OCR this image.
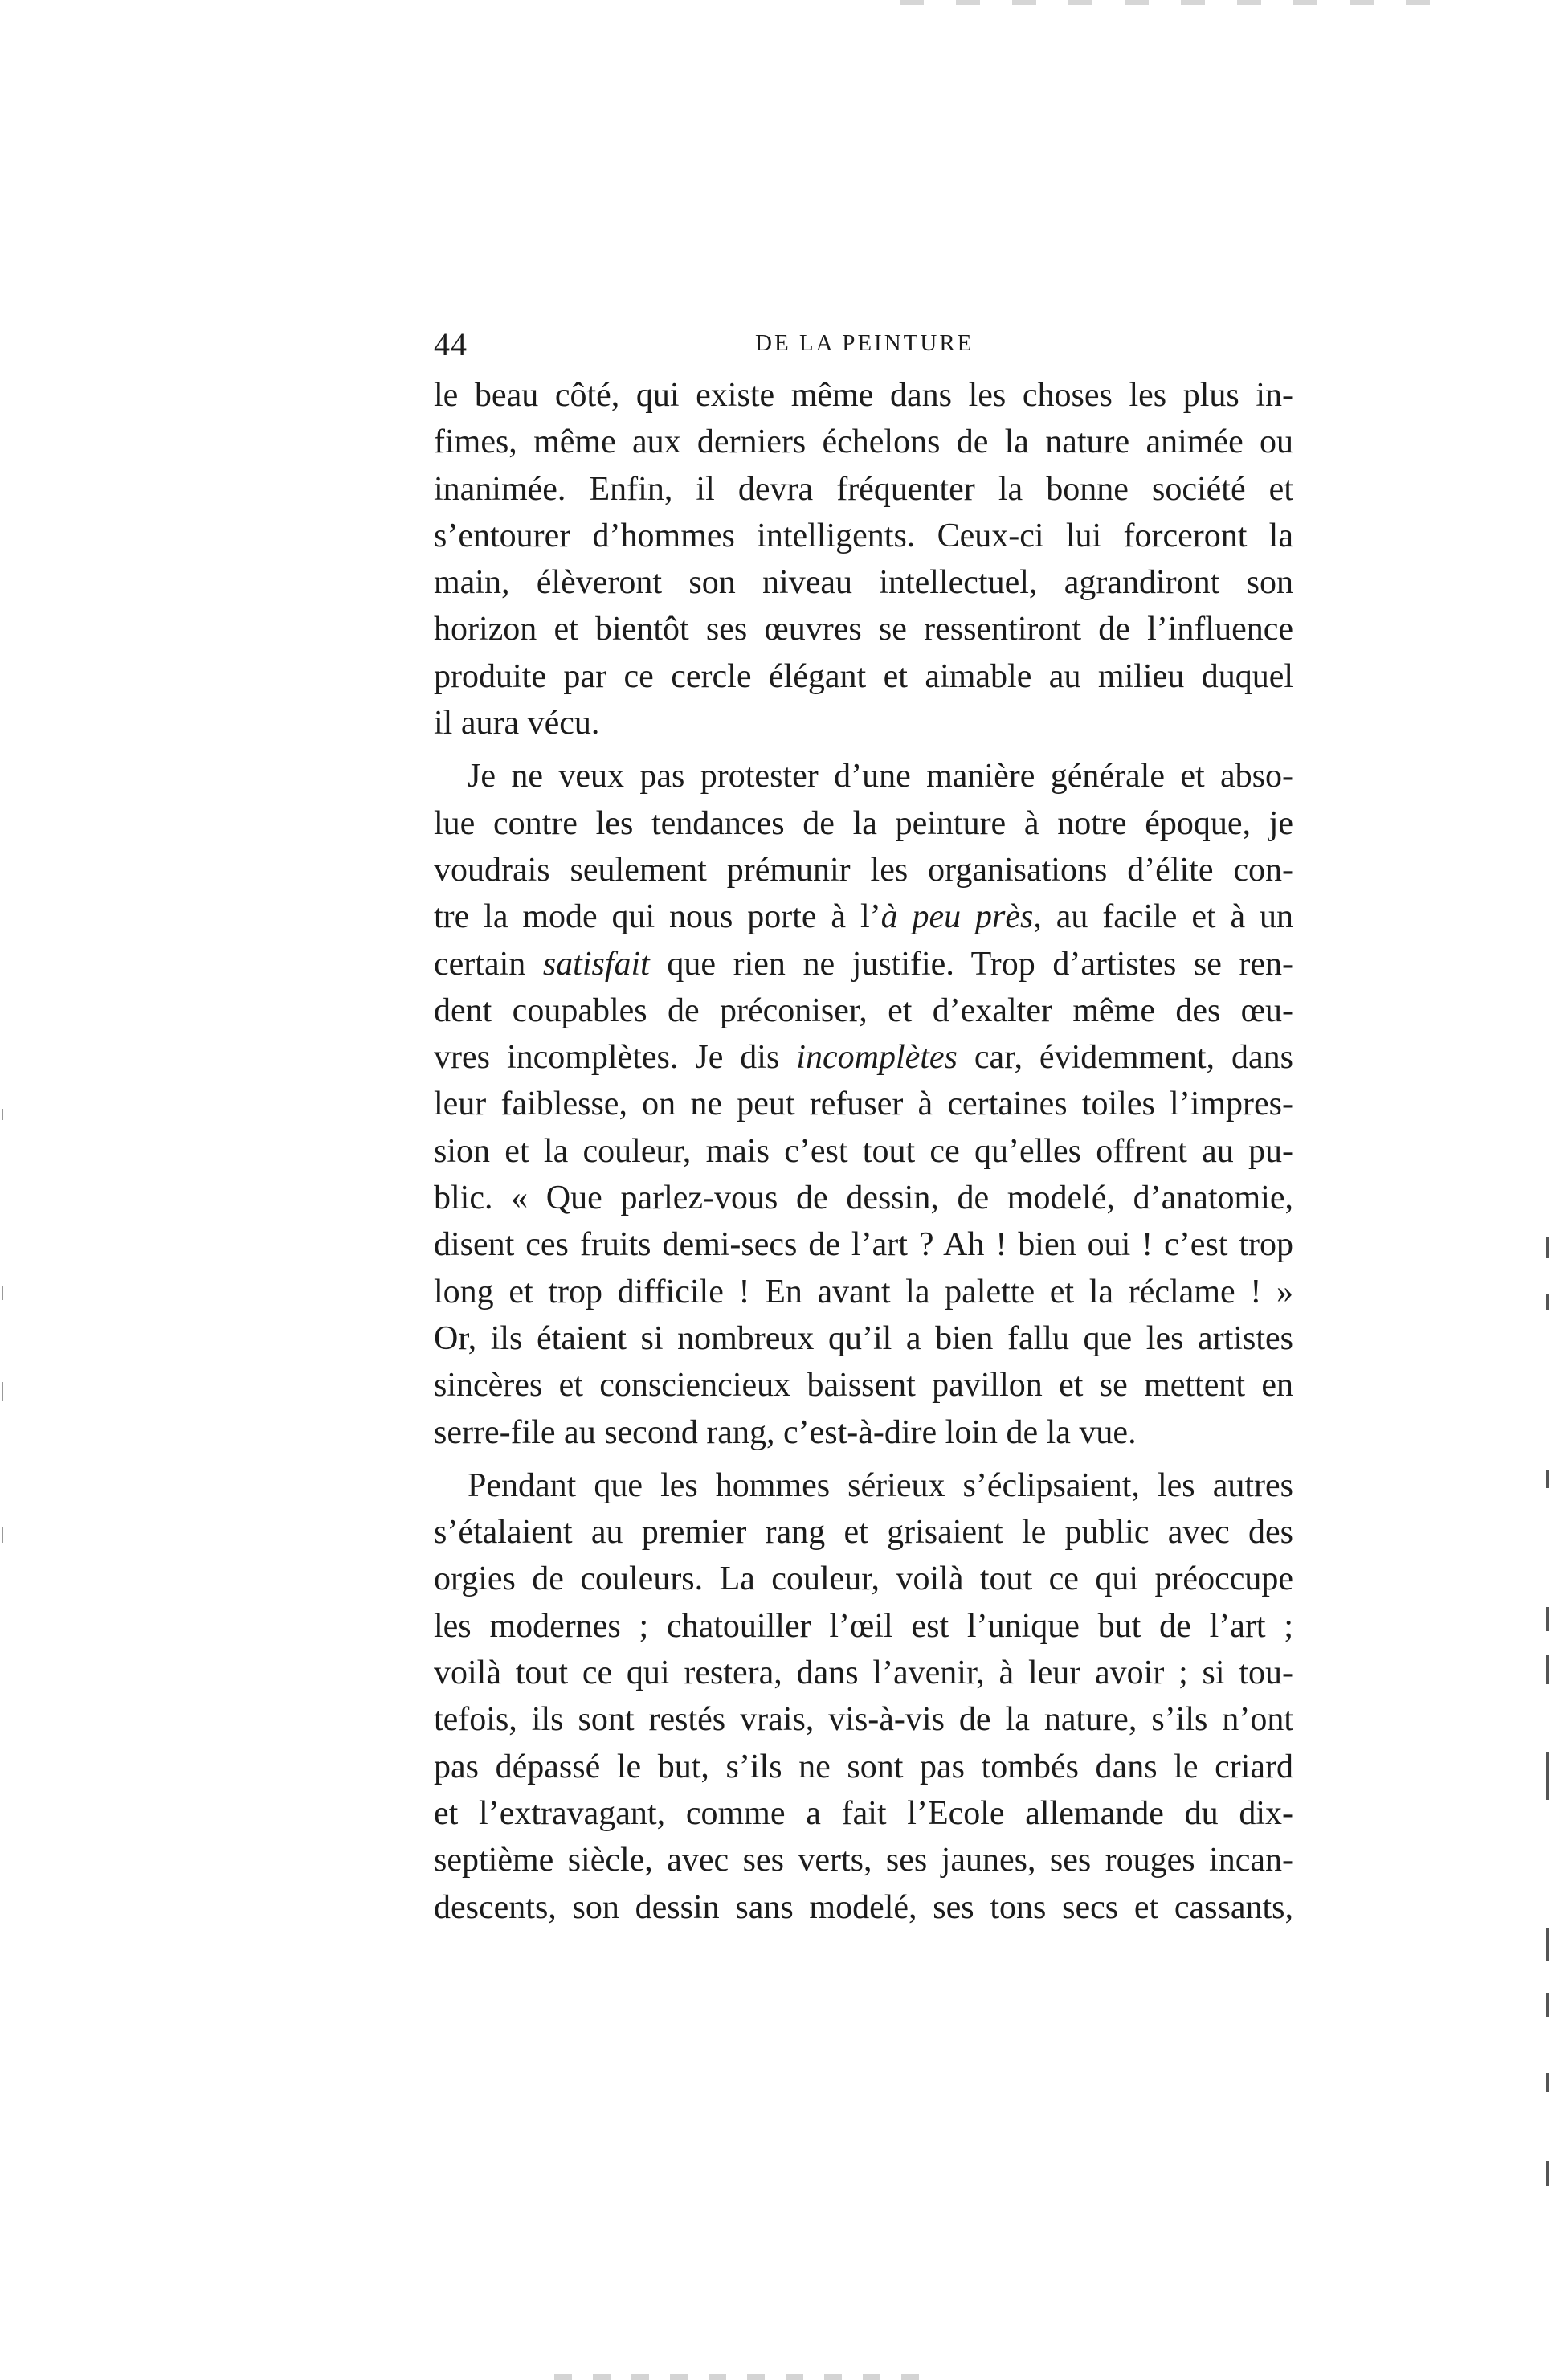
44	DE LA PEINTURE
le beau côté, qui existe même dans les choses les plus in-
fimes, même aux derniers échelons de la nature animée ou
inanimée. Enfin, il devra fréquenter la bonne société et
s’entourer d’hommes intelligents. Ceux-ci lui forceront la
main, élèveront son niveau intellectuel, agrandiront son
horizon et bientôt ses œuvres se ressentiront de l’influence
produite par ce cercle élégant et aimable au milieu duquel
il aura vécu.
Je ne veux pas protester d’une manière générale et abso-
lue contre les tendances de la peinture à notre époque, je
voudrais seulement prémunir les organisations d’élite con-
tre la mode qui nous porte à l’à peu près, au facile et à un
certain satisfait que rien ne justifie. Trop d’artistes se ren-
dent coupables de préconiser, et d’exalter même des œu-
vres incomplètes. Je dis incomplètes car, évidemment, dans
leur faiblesse, on ne peut refuser à certaines toiles l’impres-
sion et la couleur, mais c’est tout ce qu’elles offrent au pu-
blic. « Que parlez-vous de dessin, de modelé, d’anatomie,
disent ces fruits demi-secs de l’art ? Ah ! bien oui ! c’est trop
long et trop difficile ! En avant la palette et la réclame ! »
Or, ils étaient si nombreux qu’il a bien fallu que les artistes
sincères et consciencieux baissent pavillon et se mettent en
serre-file au second rang, c’est-à-dire loin de la vue.
Pendant que les hommes sérieux s’éclipsaient, les autres
s’étalaient au premier rang et grisaient le public avec des
orgies de couleurs. La couleur, voilà tout ce qui préoccupe
les modernes ; chatouiller l’œil est l’unique but de l’art ;
voilà tout ce qui restera, dans l’avenir, à leur avoir ; si tou-
tefois, ils sont restés vrais, vis-à-vis de la nature, s’ils n’ont
pas dépassé le but, s’ils ne sont pas tombés dans le criard
et l’extravagant, comme a fait l’Ecole allemande du dix-
septième siècle, avec ses verts, ses jaunes, ses rouges incan-
descents, son dessin sans modelé, ses tons secs et cassants,
